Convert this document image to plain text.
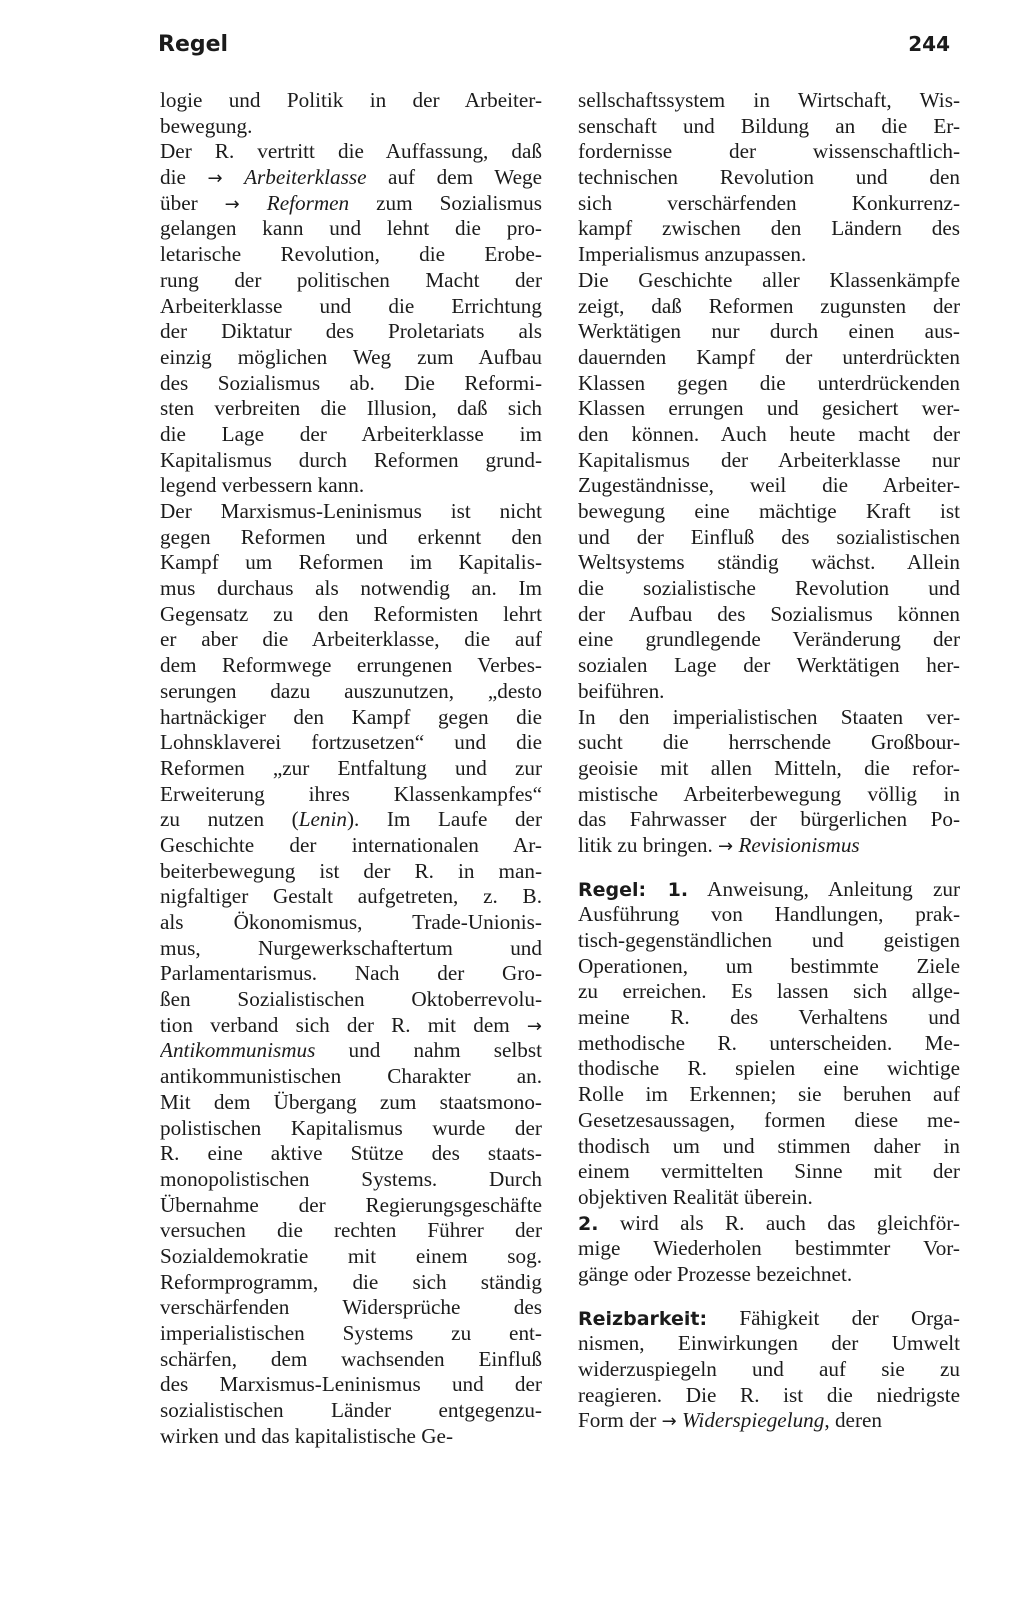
Regel	244
logie und Politik in der Arbeiter-
bewegung.
Der R. vertritt die Auffassung, daß
die → Arbeiterklasse auf dem Wege
über → Reformen zum Sozialismus
gelangen kann und lehnt die pro-
letarische Revolution, die Erobe-
rung der politischen Macht der
Arbeiterklasse und die Errichtung
der Diktatur des Proletariats als
einzig möglichen Weg zum Aufbau
des Sozialismus ab. Die Reformi-
sten verbreiten die Illusion, daß sich
die Lage der Arbeiterklasse im
Kapitalismus durch Reformen grund-
legend verbessern kann.
Der Marxismus-Leninismus ist nicht
gegen Reformen und erkennt den
Kampf um Reformen im Kapitalis-
mus durchaus als notwendig an. Im
Gegensatz zu den Reformisten lehrt
er aber die Arbeiterklasse, die auf
dem Reformwege errungenen Verbes-
serungen dazu auszunutzen, „desto
hartnäckiger den Kampf gegen die
Lohnsklaverei fortzusetzen“ und die
Reformen „zur Entfaltung und zur
Erweiterung ihres Klassenkampfes“
zu nutzen (Lenin). Im Laufe der
Geschichte der internationalen Ar-
beiterbewegung ist der R. in man-
nigfaltiger Gestalt aufgetreten, z. B.
als Ökonomismus, Trade-Unionis-
mus, Nurgewerkschaftertum und
Parlamentarismus. Nach der Gro-
ßen Sozialistischen Oktoberrevolu-
tion verband sich der R. mit dem →
Antikommunismus und nahm selbst
antikommunistischen Charakter an.
Mit dem Übergang zum staatsmono-
polistischen Kapitalismus wurde der
R. eine aktive Stütze des staats-
monopolistischen Systems. Durch
Übernahme der Regierungsgeschäfte
versuchen die rechten Führer der
Sozialdemokratie mit einem sog.
Reformprogramm, die sich ständig
verschärfenden Widersprüche des
imperialistischen Systems zu ent-
schärfen, dem wachsenden Einfluß
des Marxismus-Leninismus und der
sozialistischen Länder entgegenzu-
wirken und das kapitalistische Ge-
sellschaftssystem in Wirtschaft, Wis-
senschaft und Bildung an die Er-
fordernisse der wissenschaftlich-
technischen Revolution und den
sich verschärfenden Konkurrenz-
kampf zwischen den Ländern des
Imperialismus anzupassen.
Die Geschichte aller Klassenkämpfe
zeigt, daß Reformen zugunsten der
Werktätigen nur durch einen aus-
dauernden Kampf der unterdrückten
Klassen gegen die unterdrückenden
Klassen errungen und gesichert wer-
den können. Auch heute macht der
Kapitalismus der Arbeiterklasse nur
Zugeständnisse, weil die Arbeiter-
bewegung eine mächtige Kraft ist
und der Einfluß des sozialistischen
Weltsystems ständig wächst. Allein
die sozialistische Revolution und
der Aufbau des Sozialismus können
eine grundlegende Veränderung der
sozialen Lage der Werktätigen her-
beiführen.
In den imperialistischen Staaten ver-
sucht die herrschende Großbour-
geoisie mit allen Mitteln, die refor-
mistische Arbeiterbewegung völlig in
das Fahrwasser der bürgerlichen Po-
litik zu bringen. → Revisionismus
Regel: 1. Anweisung, Anleitung zur
Ausführung von Handlungen, prak-
tisch-gegenständlichen und geistigen
Operationen, um bestimmte Ziele
zu erreichen. Es lassen sich allge-
meine R. des Verhaltens und
methodische R. unterscheiden. Me-
thodische R. spielen eine wichtige
Rolle im Erkennen; sie beruhen auf
Gesetzesaussagen, formen diese me-
thodisch um und stimmen daher in
einem vermittelten Sinne mit der
objektiven Realität überein.
2. wird als R. auch das gleichför-
mige Wiederholen bestimmter Vor-
gänge oder Prozesse bezeichnet.
Reizbarkeit: Fähigkeit der Orga-
nismen, Einwirkungen der Umwelt
widerzuspiegeln und auf sie zu
reagieren. Die R. ist die niedrigste
Form der → Widerspiegelung, deren
